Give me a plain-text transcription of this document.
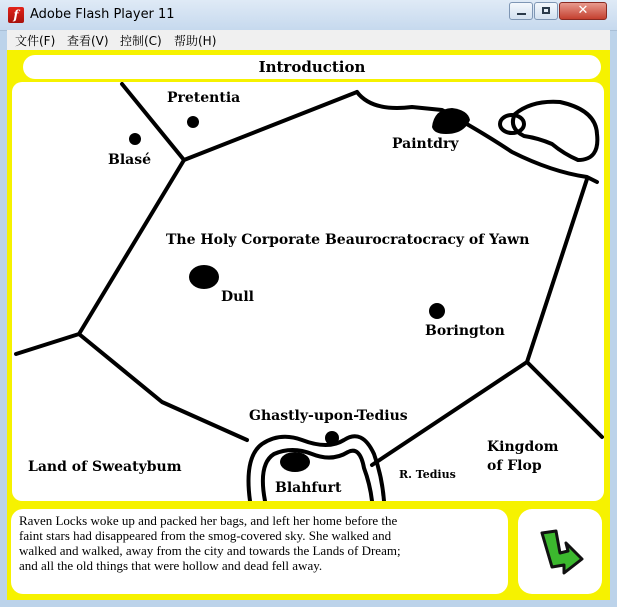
f Adobe Flash Player 11	✕
文件(F) 查看(V) 控制(C) 帮助(H)
Introduction
Pretentia
Blasé
Paintdry
The Holy Corporate Beaurocratocracy of Yawn
Dull
Borington
Ghastly-upon-Tedius
Land of Sweatybum
Kingdom
of Flop
R. Tedius
Blahfurt
Raven Locks woke up and packed her bags, and left her home before the
faint stars had disappeared from the smog-covered sky. She walked and
walked and walked, away from the city and towards the Lands of Dream;
and all the old things that were hollow and dead fell away.
